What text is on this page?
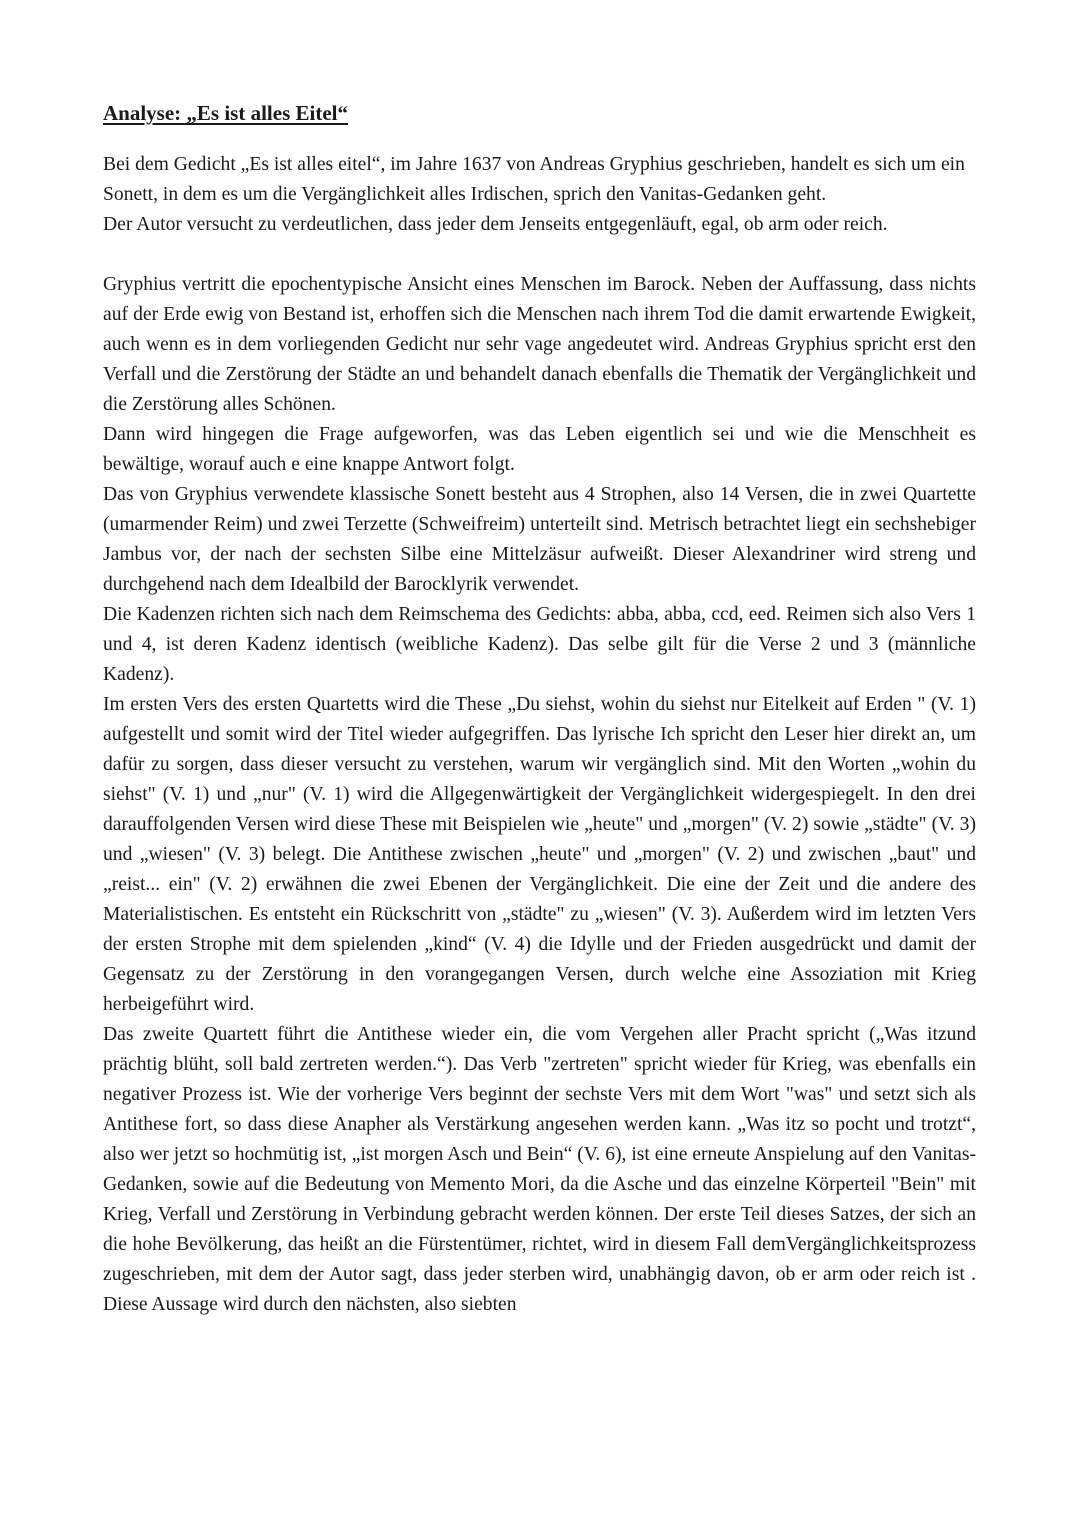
Analyse: „Es ist alles Eitel“

Bei dem Gedicht „Es ist alles eitel“, im Jahre 1637 von Andreas Gryphius geschrieben, handelt es sich um ein Sonett, in dem es um die Vergänglichkeit alles Irdischen, sprich den Vanitas-Gedanken geht.

Der Autor versucht zu verdeutlichen, dass jeder dem Jenseits entgegenläuft, egal, ob arm oder reich.

Gryphius vertritt die epochentypische Ansicht eines Menschen im Barock. Neben der Auffassung, dass nichts auf der Erde ewig von Bestand ist, erhoffen sich die Menschen nach ihrem Tod die damit erwartende Ewigkeit, auch wenn es in dem vorliegenden Gedicht nur sehr vage angedeutet wird. Andreas Gryphius spricht erst den Verfall und die Zerstörung der Städte an und behandelt danach ebenfalls die Thematik der Vergänglichkeit und die Zerstörung alles Schönen.

Dann wird hingegen die Frage aufgeworfen, was das Leben eigentlich sei und wie die Menschheit es bewältige, worauf auch e eine knappe Antwort folgt.

Das von Gryphius verwendete klassische Sonett besteht aus 4 Strophen, also 14 Versen, die in zwei Quartette (umarmender Reim) und zwei Terzette (Schweifreim) unterteilt sind. Metrisch betrachtet liegt ein sechshebiger Jambus vor, der nach der sechsten Silbe eine Mittelzäsur aufweißt. Dieser Alexandriner wird streng und durchgehend nach dem Idealbild der Barocklyrik verwendet.

Die Kadenzen richten sich nach dem Reimschema des Gedichts: abba, abba, ccd, eed. Reimen sich also Vers 1 und 4, ist deren Kadenz identisch (weibliche Kadenz). Das selbe gilt für die Verse 2 und 3 (männliche Kadenz).

Im ersten Vers des ersten Quartetts wird die These „Du siehst, wohin du siehst nur Eitelkeit auf Erden " (V. 1) aufgestellt und somit wird der Titel wieder aufgegriffen. Das lyrische Ich spricht den Leser hier direkt an, um dafür zu sorgen, dass dieser versucht zu verstehen, warum wir vergänglich sind. Mit den Worten „wohin du siehst" (V. 1) und „nur" (V. 1) wird die Allgegenwärtigkeit der Vergänglichkeit widergespiegelt. In den drei darauffolgenden Versen wird diese These mit Beispielen wie „heute" und „morgen" (V. 2) sowie „städte" (V. 3) und „wiesen" (V. 3) belegt. Die Antithese zwischen „heute" und „morgen" (V. 2) und zwischen „baut" und „reist... ein" (V. 2) erwähnen die zwei Ebenen der Vergänglichkeit. Die eine der Zeit und die andere des Materialistischen. Es entsteht ein Rückschritt von „städte" zu „wiesen" (V. 3). Außerdem wird im letzten Vers der ersten Strophe mit dem spielenden „kind“ (V. 4) die Idylle und der Frieden ausgedrückt und damit der Gegensatz zu der Zerstörung in den vorangegangen Versen, durch welche eine Assoziation mit Krieg herbeigeführt wird.

Das zweite Quartett führt die Antithese wieder ein, die vom Vergehen aller Pracht spricht („Was itzund prächtig blüht, soll bald zertreten werden.“). Das Verb "zertreten" spricht wieder für Krieg, was ebenfalls ein negativer Prozess ist. Wie der vorherige Vers beginnt der sechste Vers mit dem Wort "was" und setzt sich als Antithese fort, so dass diese Anapher als Verstärkung angesehen werden kann. „Was itz so pocht und trotzt“, also wer jetzt so hochmütig ist, „ist morgen Asch und Bein“ (V. 6), ist eine erneute Anspielung auf den Vanitas-Gedanken, sowie auf die Bedeutung von Memento Mori, da die Asche und das einzelne Körperteil "Bein" mit Krieg, Verfall und Zerstörung in Verbindung gebracht werden können. Der erste Teil dieses Satzes, der sich an die hohe Bevölkerung, das heißt an die Fürstentümer, richtet, wird in diesem Fall demVergänglichkeitsprozess zugeschrieben, mit dem der Autor sagt, dass jeder sterben wird, unabhängig davon, ob er arm oder reich ist . Diese Aussage wird durch den nächsten, also siebten
